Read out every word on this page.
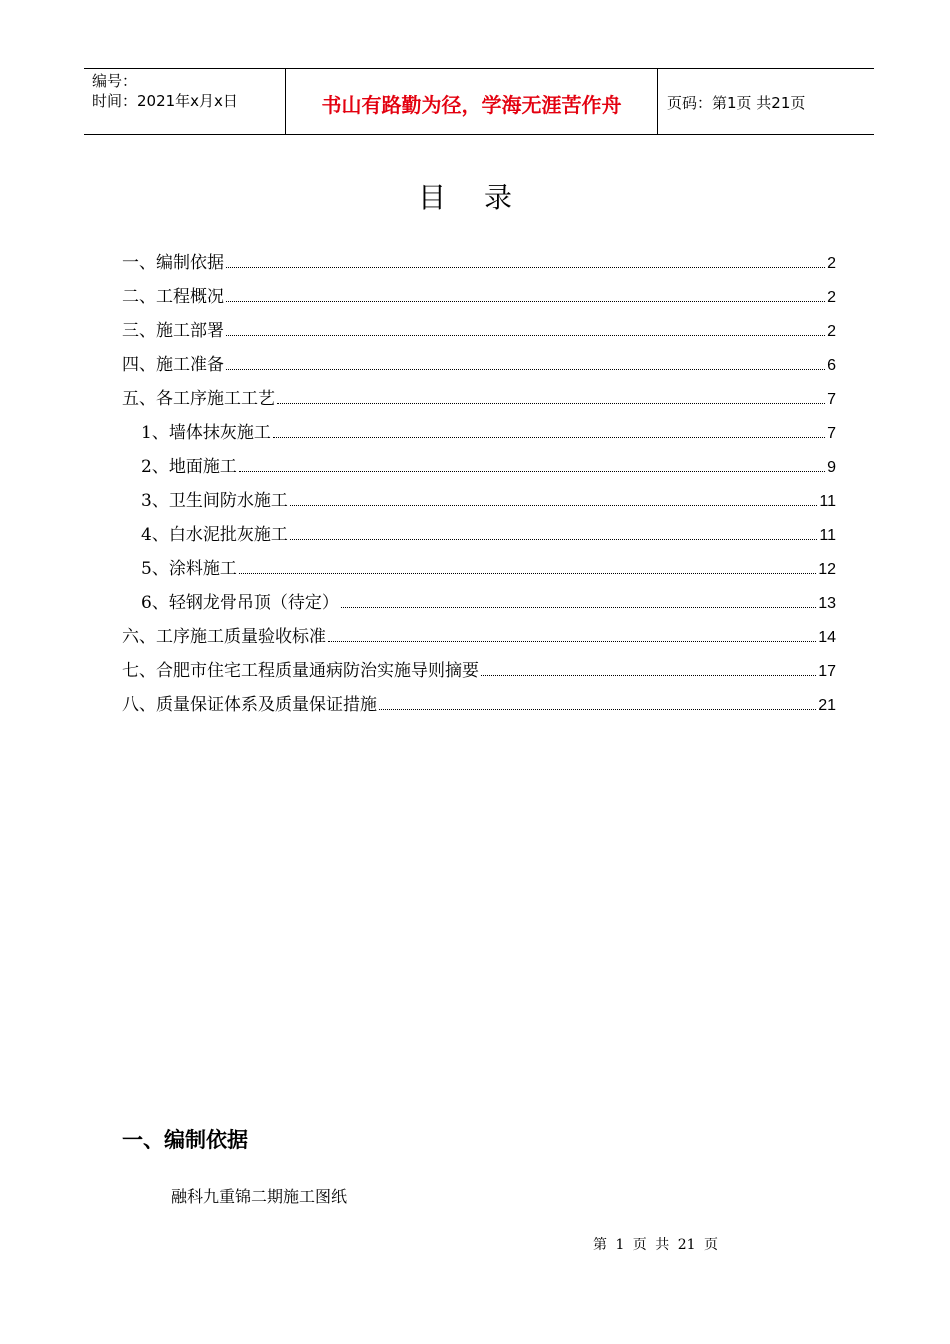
编号：
时间：2021年x月x日	书山有路勤为径，学海无涯苦作舟	页码：第1页 共21页
目录
一、编制依据	2
二、工程概况	2
三、施工部署	2
四、施工准备	6
五、各工序施工工艺	7
1、墙体抹灰施工	7
2、地面施工	9
3、卫生间防水施工	11
4、白水泥批灰施工	11
5、涂料施工	12
6、轻钢龙骨吊顶（待定）	13
六、工序施工质量验收标准	14
七、合肥市住宅工程质量通病防治实施导则摘要	17
八、质量保证体系及质量保证措施	21
一、编制依据
融科九重锦二期施工图纸
第 1 页 共 21 页
